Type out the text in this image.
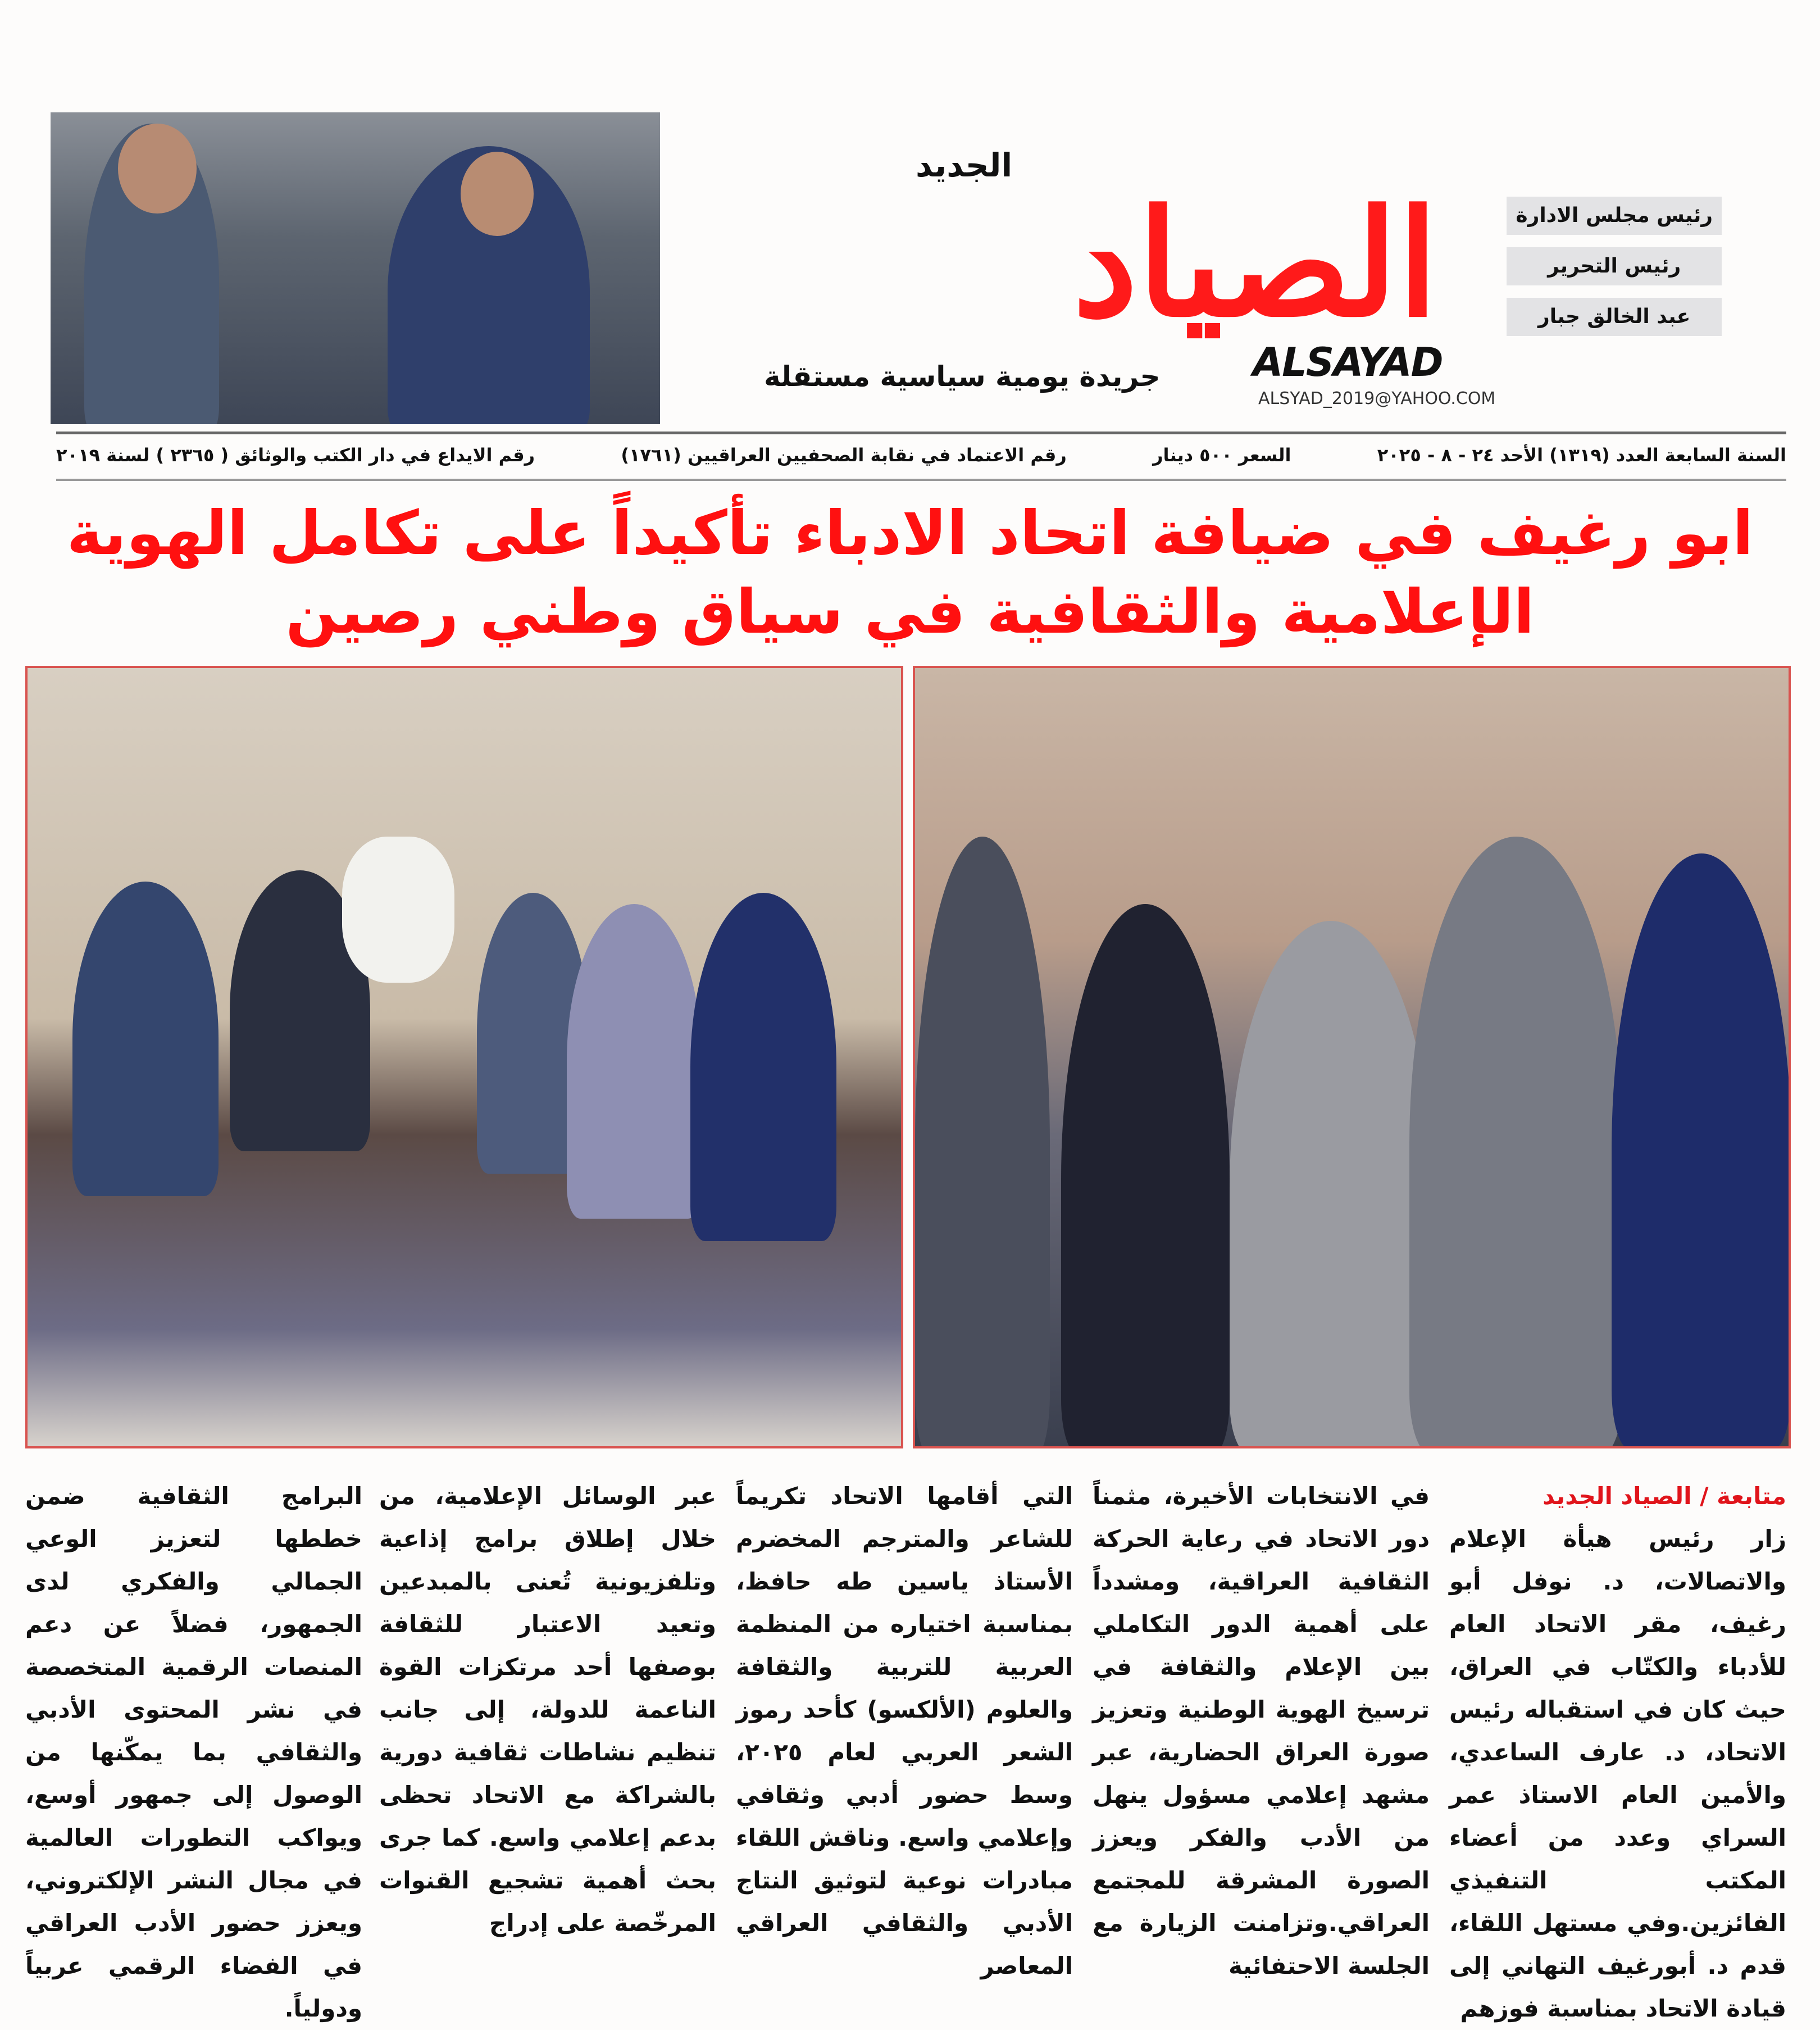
الجديد
الصياد
ALSAYAD
جريدة يومية سياسية مستقلة
ALSYAD_2019@YAHOO.COM
رئيس مجلس الادارة
رئيس التحرير
عبد الخالق جبار
السنة السابعة العدد (١٣١٩) الأحد ٢٤ - ٨ - ٢٠٢٥
السعر ٥٠٠ دينار
رقم الاعتماد في نقابة الصحفيين العراقيين (١٧٦١)
رقم الايداع في دار الكتب والوثائق ( ٢٣٦٥ ) لسنة ٢٠١٩
ابو رغيف في ضيافة اتحاد الادباء تأكيداً على تكامل الهوية الإعلامية والثقافية في سياق وطني رصين
متابعة / الصياد الجديد
زار رئيس هيأة الإعلام والاتصالات، د. نوفل أبو رغيف، مقر الاتحاد العام للأدباء والكتّاب في العراق، حيث كان في استقباله رئيس الاتحاد، د. عارف الساعدي، والأمين العام الاستاذ عمر السراي وعدد من أعضاء المكتب التنفيذي الفائزين.وفي مستهل اللقاء، قدم د. أبورغيف التهاني إلى قيادة الاتحاد بمناسبة فوزهم
في الانتخابات الأخيرة، مثمناً دور الاتحاد في رعاية الحركة الثقافية العراقية، ومشدداً على أهمية الدور التكاملي بين الإعلام والثقافة في ترسيخ الهوية الوطنية وتعزيز صورة العراق الحضارية، عبر مشهد إعلامي مسؤول ينهل من الأدب والفكر ويعزز الصورة المشرقة للمجتمع العراقي.وتزامنت الزيارة مع الجلسة الاحتفائية
التي أقامها الاتحاد تكريماً للشاعر والمترجم المخضرم الأستاذ ياسين طه حافظ، بمناسبة اختياره من المنظمة العربية للتربية والثقافة والعلوم (الألكسو) كأحد رموز الشعر العربي لعام ٢٠٢٥، وسط حضور أدبي وثقافي وإعلامي واسع. وناقش اللقاء مبادرات نوعية لتوثيق النتاج الأدبي والثقافي العراقي المعاصر
عبر الوسائل الإعلامية، من خلال إطلاق برامج إذاعية وتلفزيونية تُعنى بالمبدعين وتعيد الاعتبار للثقافة بوصفها أحد مرتكزات القوة الناعمة للدولة، إلى جانب تنظيم نشاطات ثقافية دورية بالشراكة مع الاتحاد تحظى بدعم إعلامي واسع. كما جرى بحث أهمية تشجيع القنوات المرخّصة على إدراج
البرامج الثقافية ضمن خططها لتعزيز الوعي الجمالي والفكري لدى الجمهور، فضلاً عن دعم المنصات الرقمية المتخصصة في نشر المحتوى الأدبي والثقافي بما يمكّنها من الوصول إلى جمهور أوسع، ويواكب التطورات العالمية في مجال النشر الإلكتروني، ويعزز حضور الأدب العراقي في الفضاء الرقمي عربياً ودولياً.
